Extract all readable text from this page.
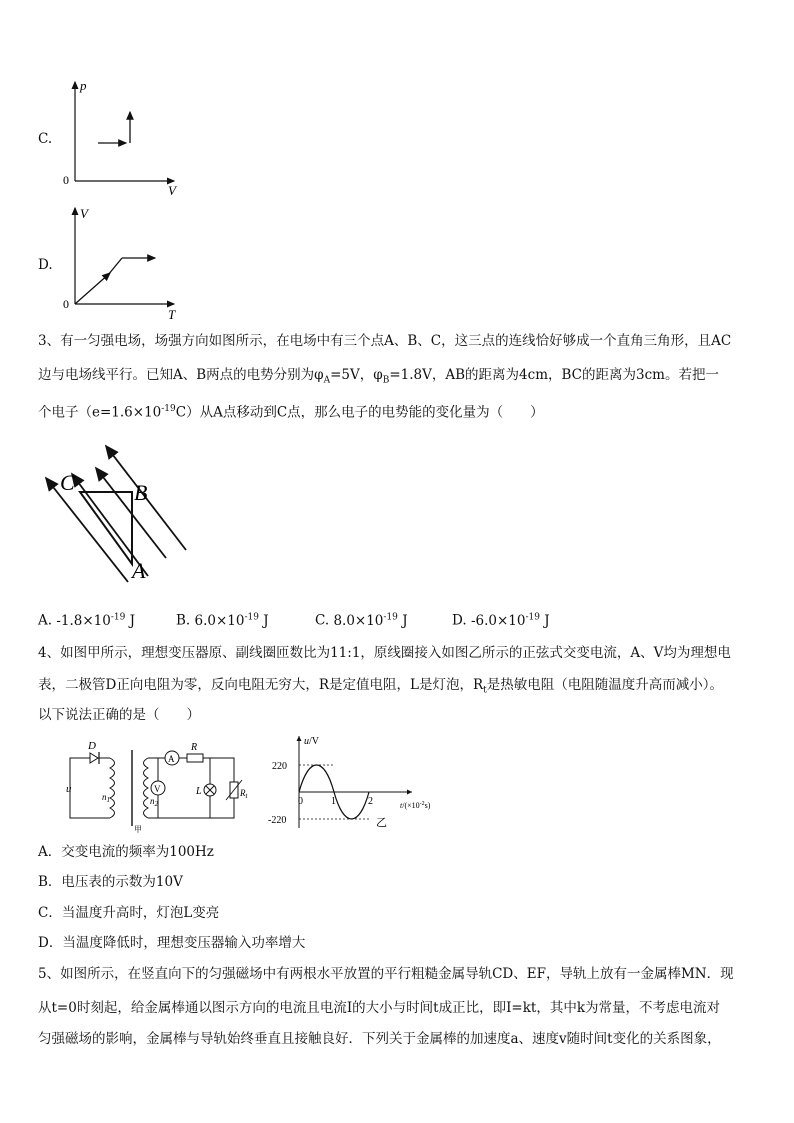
C.
p
V
0
D.
V
T
0
3、有一匀强电场，场强方向如图所示，在电场中有三个点A、B、C，这三点的连线恰好够成一个直角三角形，且AC
边与电场线平行。已知A、B两点的电势分别为$\varphi_A=5V$，$\varphi_B=1.8V$，AB的距离为4cm，BC的距离为3cm。若把一
个电子$(e=1.6\times 10^{-19}C)$从A点移动到C点，那么电子的电势能的变化量为（　　）
C	B
A
A. $-1.8\times 10^{-19}$ J	B. $6.0\times 10^{-19}$ J	C. $8.0\times 10^{-19}$ J	D. $-6.0\times 10^{-19}$ J
4、如图甲所示，理想变压器原、副线圈匝数比为11:1，原线圈接入如图乙所示的正弦式交变电流，A、V均为理想电
表，二极管D正向电阻为零，反向电阻无穷大，R是定值电阻，L是灯泡，$R_t$是热敏电阻（电阻随温度升高而减小）。
以下说法正确的是（　　）
D
u
$n_1$
甲
$n_2$
V
A
R
L	$R_t$
u/V
220
-220
0	1	2	$t/(\times 10^{-2}s)$
乙
A．交变电流的频率为100Hz
B．电压表的示数为10V
C．当温度升高时，灯泡L变亮
D．当温度降低时，理想变压器输入功率增大
5、如图所示，在竖直向下的匀强磁场中有两根水平放置的平行粗糙金属导轨CD、EF，导轨上放有一金属棒MN．现
从t=0时刻起，给金属棒通以图示方向的电流且电流I的大小与时间t成正比，即I=kt，其中k为常量，不考虑电流对
匀强磁场的影响，金属棒与导轨始终垂直且接触良好．下列关于金属棒的加速度a、速度v随时间t变化的关系图象，
